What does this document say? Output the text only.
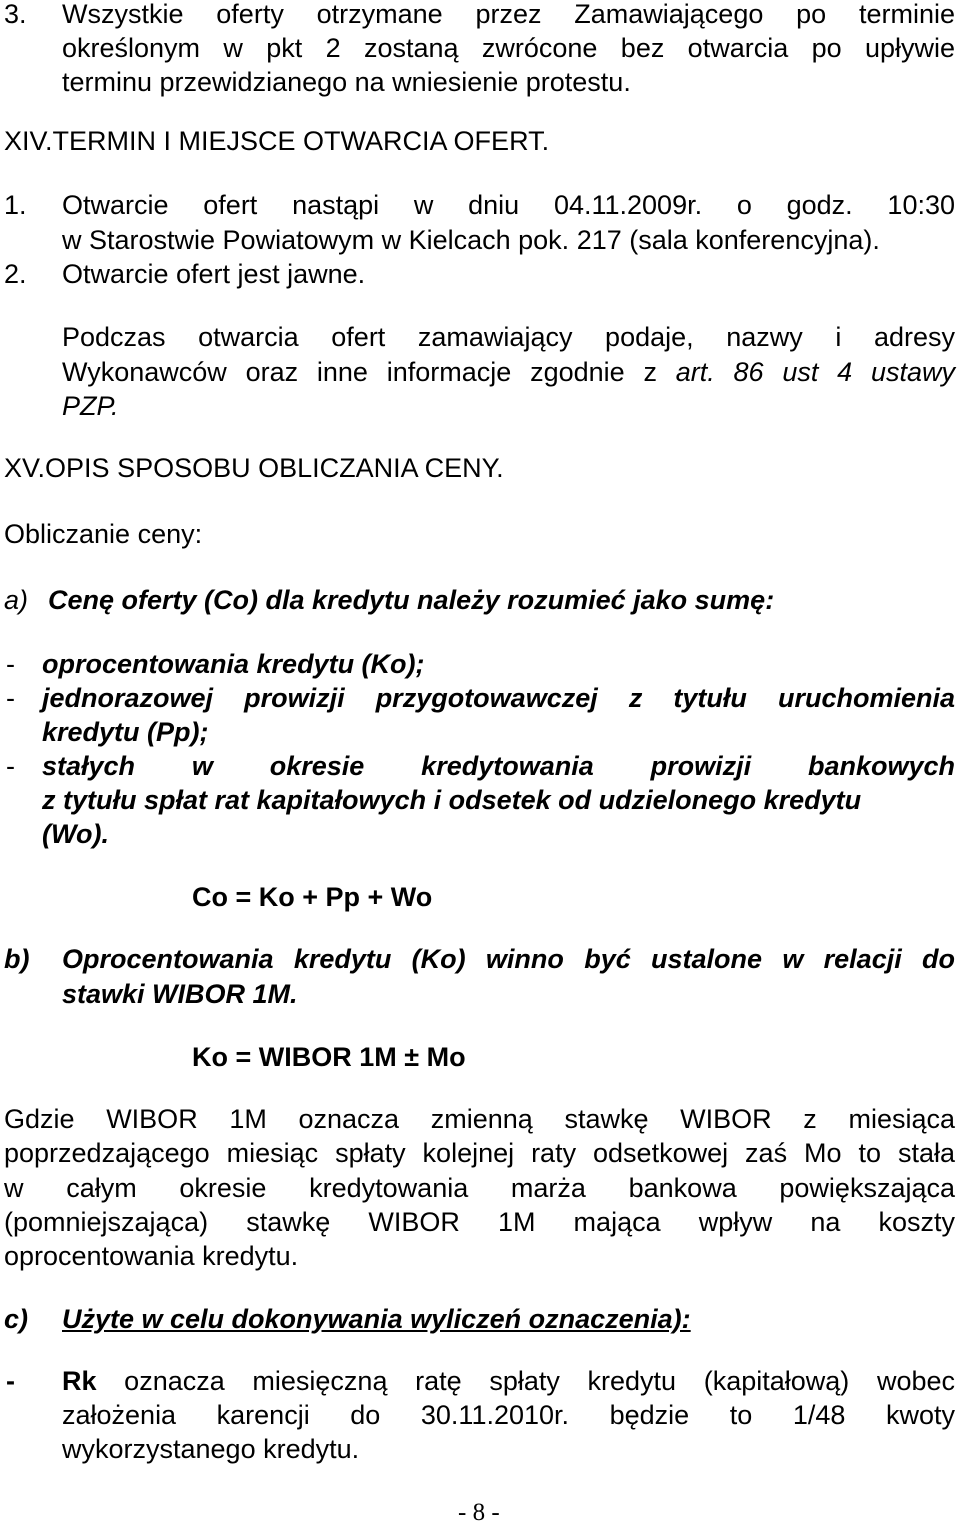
3. Wszystkie oferty otrzymane przez Zamawiającego po terminie
określonym w pkt 2 zostaną zwrócone bez otwarcia po upływie
terminu przewidzianego na wniesienie protestu.
XIV.TERMIN I MIEJSCE OTWARCIA OFERT.
1. Otwarcie ofert nastąpi w dniu 04.11.2009r. o godz. 10:30
w Starostwie Powiatowym w Kielcach pok. 217 (sala konferencyjna).
2. Otwarcie ofert jest jawne.
Podczas otwarcia ofert zamawiający podaje, nazwy i adresy
Wykonawców oraz inne informacje zgodnie z art. 86 ust 4 ustawy
PZP.
XV.OPIS SPOSOBU OBLICZANIA CENY.
Obliczanie ceny:
a) Cenę oferty (Co) dla kredytu należy rozumieć jako sumę:
- oprocentowania kredytu (Ko);
- jednorazowej prowizji przygotowawczej z tytułu uruchomienia
kredytu (Pp);
- stałych w okresie kredytowania prowizji bankowych
z tytułu spłat rat kapitałowych i odsetek od udzielonego kredytu
(Wo).
Co = Ko + Pp + Wo
b) Oprocentowania kredytu (Ko) winno być ustalone w relacji do
stawki WIBOR 1M.
Ko = WIBOR 1M ± Mo
Gdzie WIBOR 1M oznacza zmienną stawkę WIBOR z miesiąca
poprzedzającego miesiąc spłaty kolejnej raty odsetkowej zaś Mo to stała
w całym okresie kredytowania marża bankowa powiększająca
(pomniejszająca) stawkę WIBOR 1M mająca wpływ na koszty
oprocentowania kredytu.
c) Użyte w celu dokonywania wyliczeń oznaczenia):
- Rk oznacza miesięczną ratę spłaty kredytu (kapitałową) wobec
założenia karencji do 30.11.2010r. będzie to 1/48 kwoty
wykorzystanego kredytu.
- 8 -
